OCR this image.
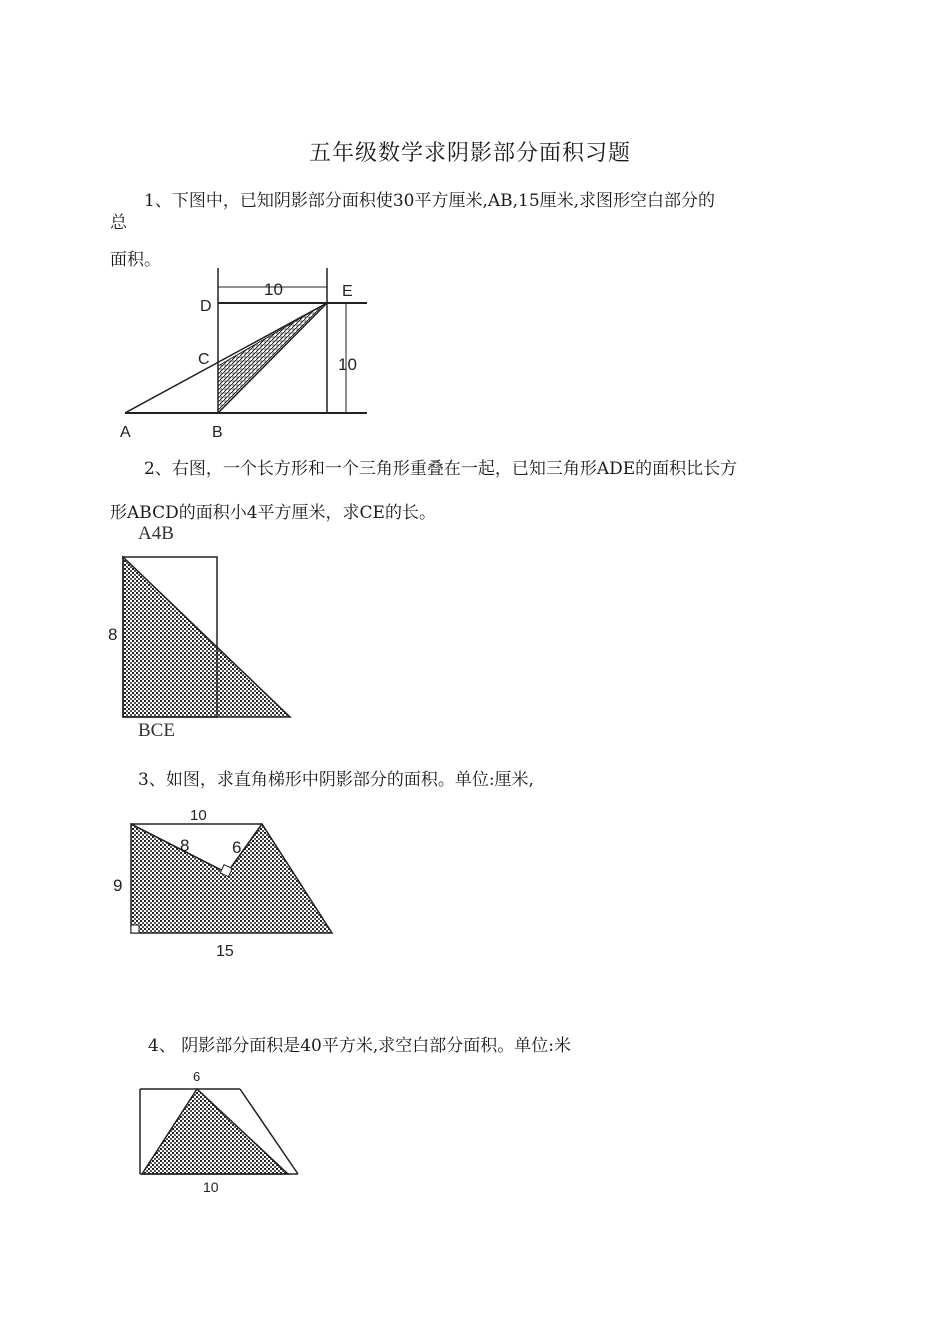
五年级数学求阴影部分面积习题
1、下图中，已知阴影部分面积使30平方厘米,AB,15厘米,求图形空白部分的
总
面积。
10
10
D
E
C
A	B
2、右图，一个长方形和一个三角形重叠在一起，已知三角形ADE的面积比长方
形ABCD的面积小4平方厘米，求CE的长。
A4B
BCE
8
3、如图，求直角梯形中阴影部分的面积。单位:厘米,
10
8	6
9
15
4、 阴影部分面积是40平方米,求空白部分面积。单位:米
6
10
